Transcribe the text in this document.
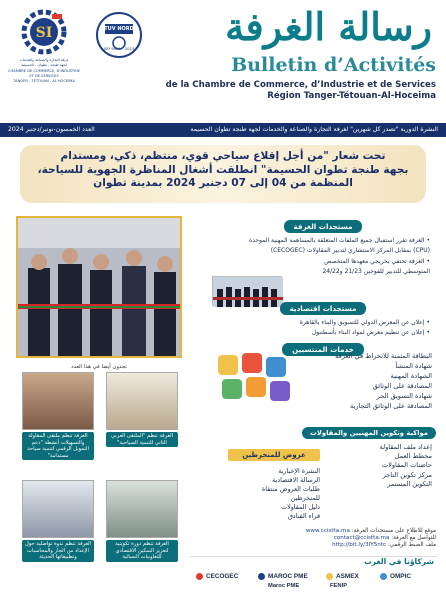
SI
غرفة التجارة والصناعة والخدمات
لجهة طنجة - تطوان - الحسيمة
CHAMBRE DE COMMERCE, D’INDUSTRIE ET DE SERVICES
TANGER - TETOUAN - AL HOCEIMA
TUV NORD
ISO 9001 : 2015 رسالة الغرفة
Bulletin d’Activités
de la Chambre de Commerce, d’Industrie et de Services
Région Tanger-Tétouan-Al-Hoceima
النشرة الدورية "تصدر كل شهرين" لغرفة التجارة والصناعة والخدمات لجهة طنجة تطوان الحسيمة
العدد الخمسون-نونبر/دجنبر 2024
تحت شعار "من أجل إقلاع سياحي قوي، منتظم، ذكي، ومستدام
بجهة طنجة تطوان الحسيمة" انطلقت أشغال المناظرة الجهوية للسياحة،
المنظمة من 04 إلى 07 دجنبر 2024 بمدينة تطوان
مستجدات الغرفة

• الغرفة تقرر استفبال جميع الملفات المتعلقة بالمساهمة المهنية الموحدة

(CPU) بمقابل المركز الاستشاري لتدبير المقاولات (CECOGEC)

• الغرفة تحتفي بخريجي معهدها المتخصص

المتوسطي للتدبير للفوجين 21/23 و24/22

مستجدات اقتصادية

• إعلان عن المعرض الدولي للتسويق والبناء بالقاهرة

• إعلان عن تنظيم معرض لمواد البناء بأسطنبول

خدمات المنتسبين
البطاقة المثمنة للانخراط في الغرفة
شهادة المنشأ
الشهادة المهنية
المصادقة على الوثائق
شهادة التسويق الحر
المصادقة على الوثائق التجارية
تجدون أيضا في هذا العدد
الغرفة تنظم ملتقى المقاولة والتسهيلات أنشطة "دعم التمويل الرقمي لتنمية سياحة مستدامة"
الغرفة تنظم "الملتقى العربي الثاني للتنمية السياحية"
الغرفة تنظم ندوة تواصلية حول الإعداد من الجار والمحاسبات وتطبيقاتها الحديثة
الغرفة تنظم دورة تكوينية لتعزيز التمكين الاقتصادي للتعاونيات النسائية
مواكبة وتكوين المهنيين والمقاولات
إعداد ملف المقاولة
مخطط العمل
حاضنات المقاولات
مركز تكوين التاجر
التكوين المستمر
عروض للمنخرطين
النشرة الإخبارية
الرسالة الاقتصادية
طلبات العروض منتقاة
للمنخرطين
دليل المقاولات
قراء الفنادق
موقع للاطلاع على مستجدات الغرفة: www.ccistta.ma
للتواصل مع الغرفة: contact@ccistta.ma
ملف الضبط الرقمي: http://bit.ly/3IY5ntc
شركاؤنا في الغرب
CECOGEC	MAROC PME	ASMEX	OMPIC
Maroc PME	FENIP
